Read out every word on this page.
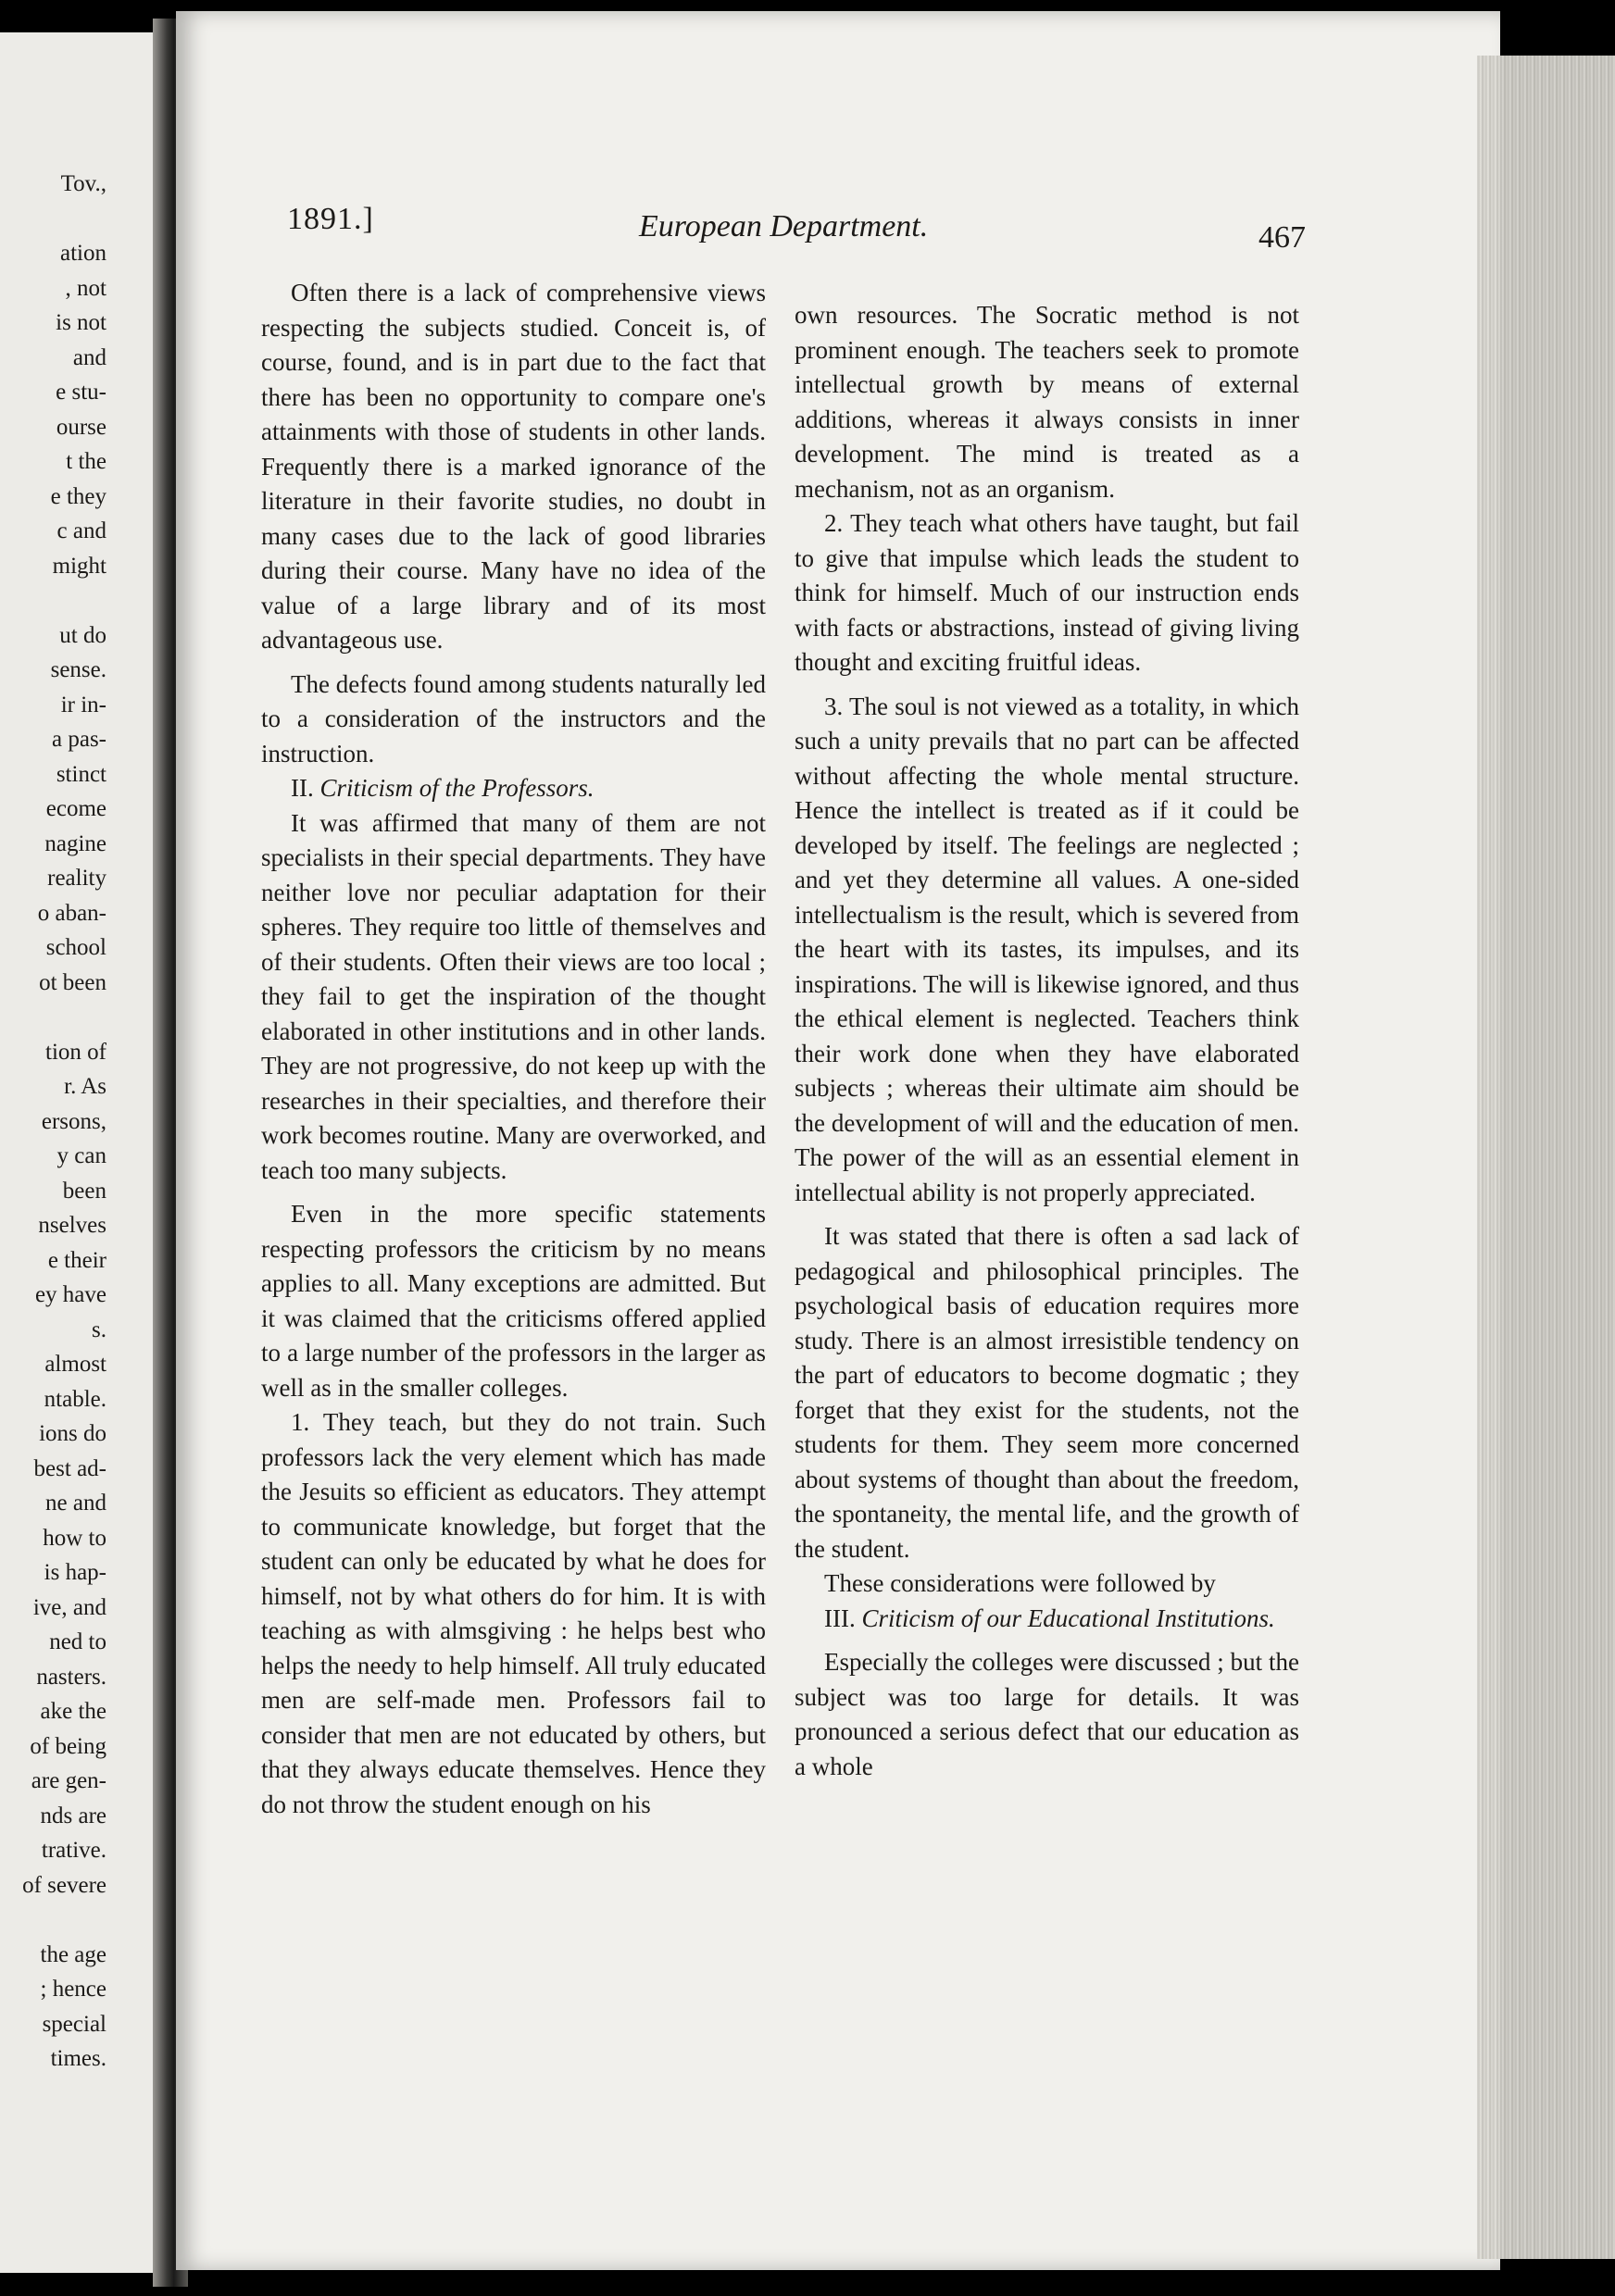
Tov.,
ation
, not
is not
and
e stu-
ourse
t the
e they
c and
might
ut do
sense.
ir in-
a pas-
stinct
ecome
nagine
reality
o aban-
school
ot been
tion of
r. As
ersons,
y can
been
nselves
e their
ey have
s.
almost
ntable.
ions do
best ad-
ne and
how to
is hap-
ive, and
ned to
nasters.
ake the
of being
are gen-
nds are
trative.
of severe
the age
; hence
special
times.
1891.]	European Department.	467

Often there is a lack of comprehensive views respecting the subjects studied. Conceit is, of course, found, and is in part due to the fact that there has been no opportunity to compare one's attainments with those of students in other lands. Frequently there is a marked ignorance of the literature in their favorite studies, no doubt in many cases due to the lack of good libraries during their course. Many have no idea of the value of a large library and of its most advantageous use.

The defects found among students naturally led to a consideration of the instructors and the instruction.

II. Criticism of the Professors.

It was affirmed that many of them are not specialists in their special departments. They have neither love nor peculiar adaptation for their spheres. They require too little of themselves and of their students. Often their views are too local ; they fail to get the inspiration of the thought elaborated in other institutions and in other lands. They are not progressive, do not keep up with the researches in their specialties, and therefore their work becomes routine. Many are overworked, and teach too many subjects.

Even in the more specific statements respecting professors the criticism by no means applies to all. Many exceptions are admitted. But it was claimed that the criticisms offered applied to a large number of the professors in the larger as well as in the smaller colleges.

1. They teach, but they do not train. Such professors lack the very element which has made the Jesuits so efficient as educators. They attempt to communicate knowledge, but forget that the student can only be educated by what he does for himself, not by what others do for him. It is with teaching as with almsgiving : he helps best who helps the needy to help himself. All truly educated men are self-made men. Professors fail to consider that men are not educated by others, but that they always educate themselves. Hence they do not throw the student enough on his

own resources. The Socratic method is not prominent enough. The teachers seek to promote intellectual growth by means of external additions, whereas it always consists in inner development. The mind is treated as a mechanism, not as an organism.

2. They teach what others have taught, but fail to give that impulse which leads the student to think for himself. Much of our instruction ends with facts or abstractions, instead of giving living thought and exciting fruitful ideas.

3. The soul is not viewed as a totality, in which such a unity prevails that no part can be affected without affecting the whole mental structure. Hence the intellect is treated as if it could be developed by itself. The feelings are neglected ; and yet they determine all values. A one-sided intellectualism is the result, which is severed from the heart with its tastes, its impulses, and its inspirations. The will is likewise ignored, and thus the ethical element is neglected. Teachers think their work done when they have elaborated subjects ; whereas their ultimate aim should be the development of will and the education of men. The power of the will as an essential element in intellectual ability is not properly appreciated.

It was stated that there is often a sad lack of pedagogical and philosophical principles. The psychological basis of education requires more study. There is an almost irresistible tendency on the part of educators to become dogmatic ; they forget that they exist for the students, not the students for them. They seem more concerned about systems of thought than about the freedom, the spontaneity, the mental life, and the growth of the student.

These considerations were followed by

III. Criticism of our Educational Institutions.

Especially the colleges were discussed ; but the subject was too large for details. It was pronounced a serious defect that our education as a whole
